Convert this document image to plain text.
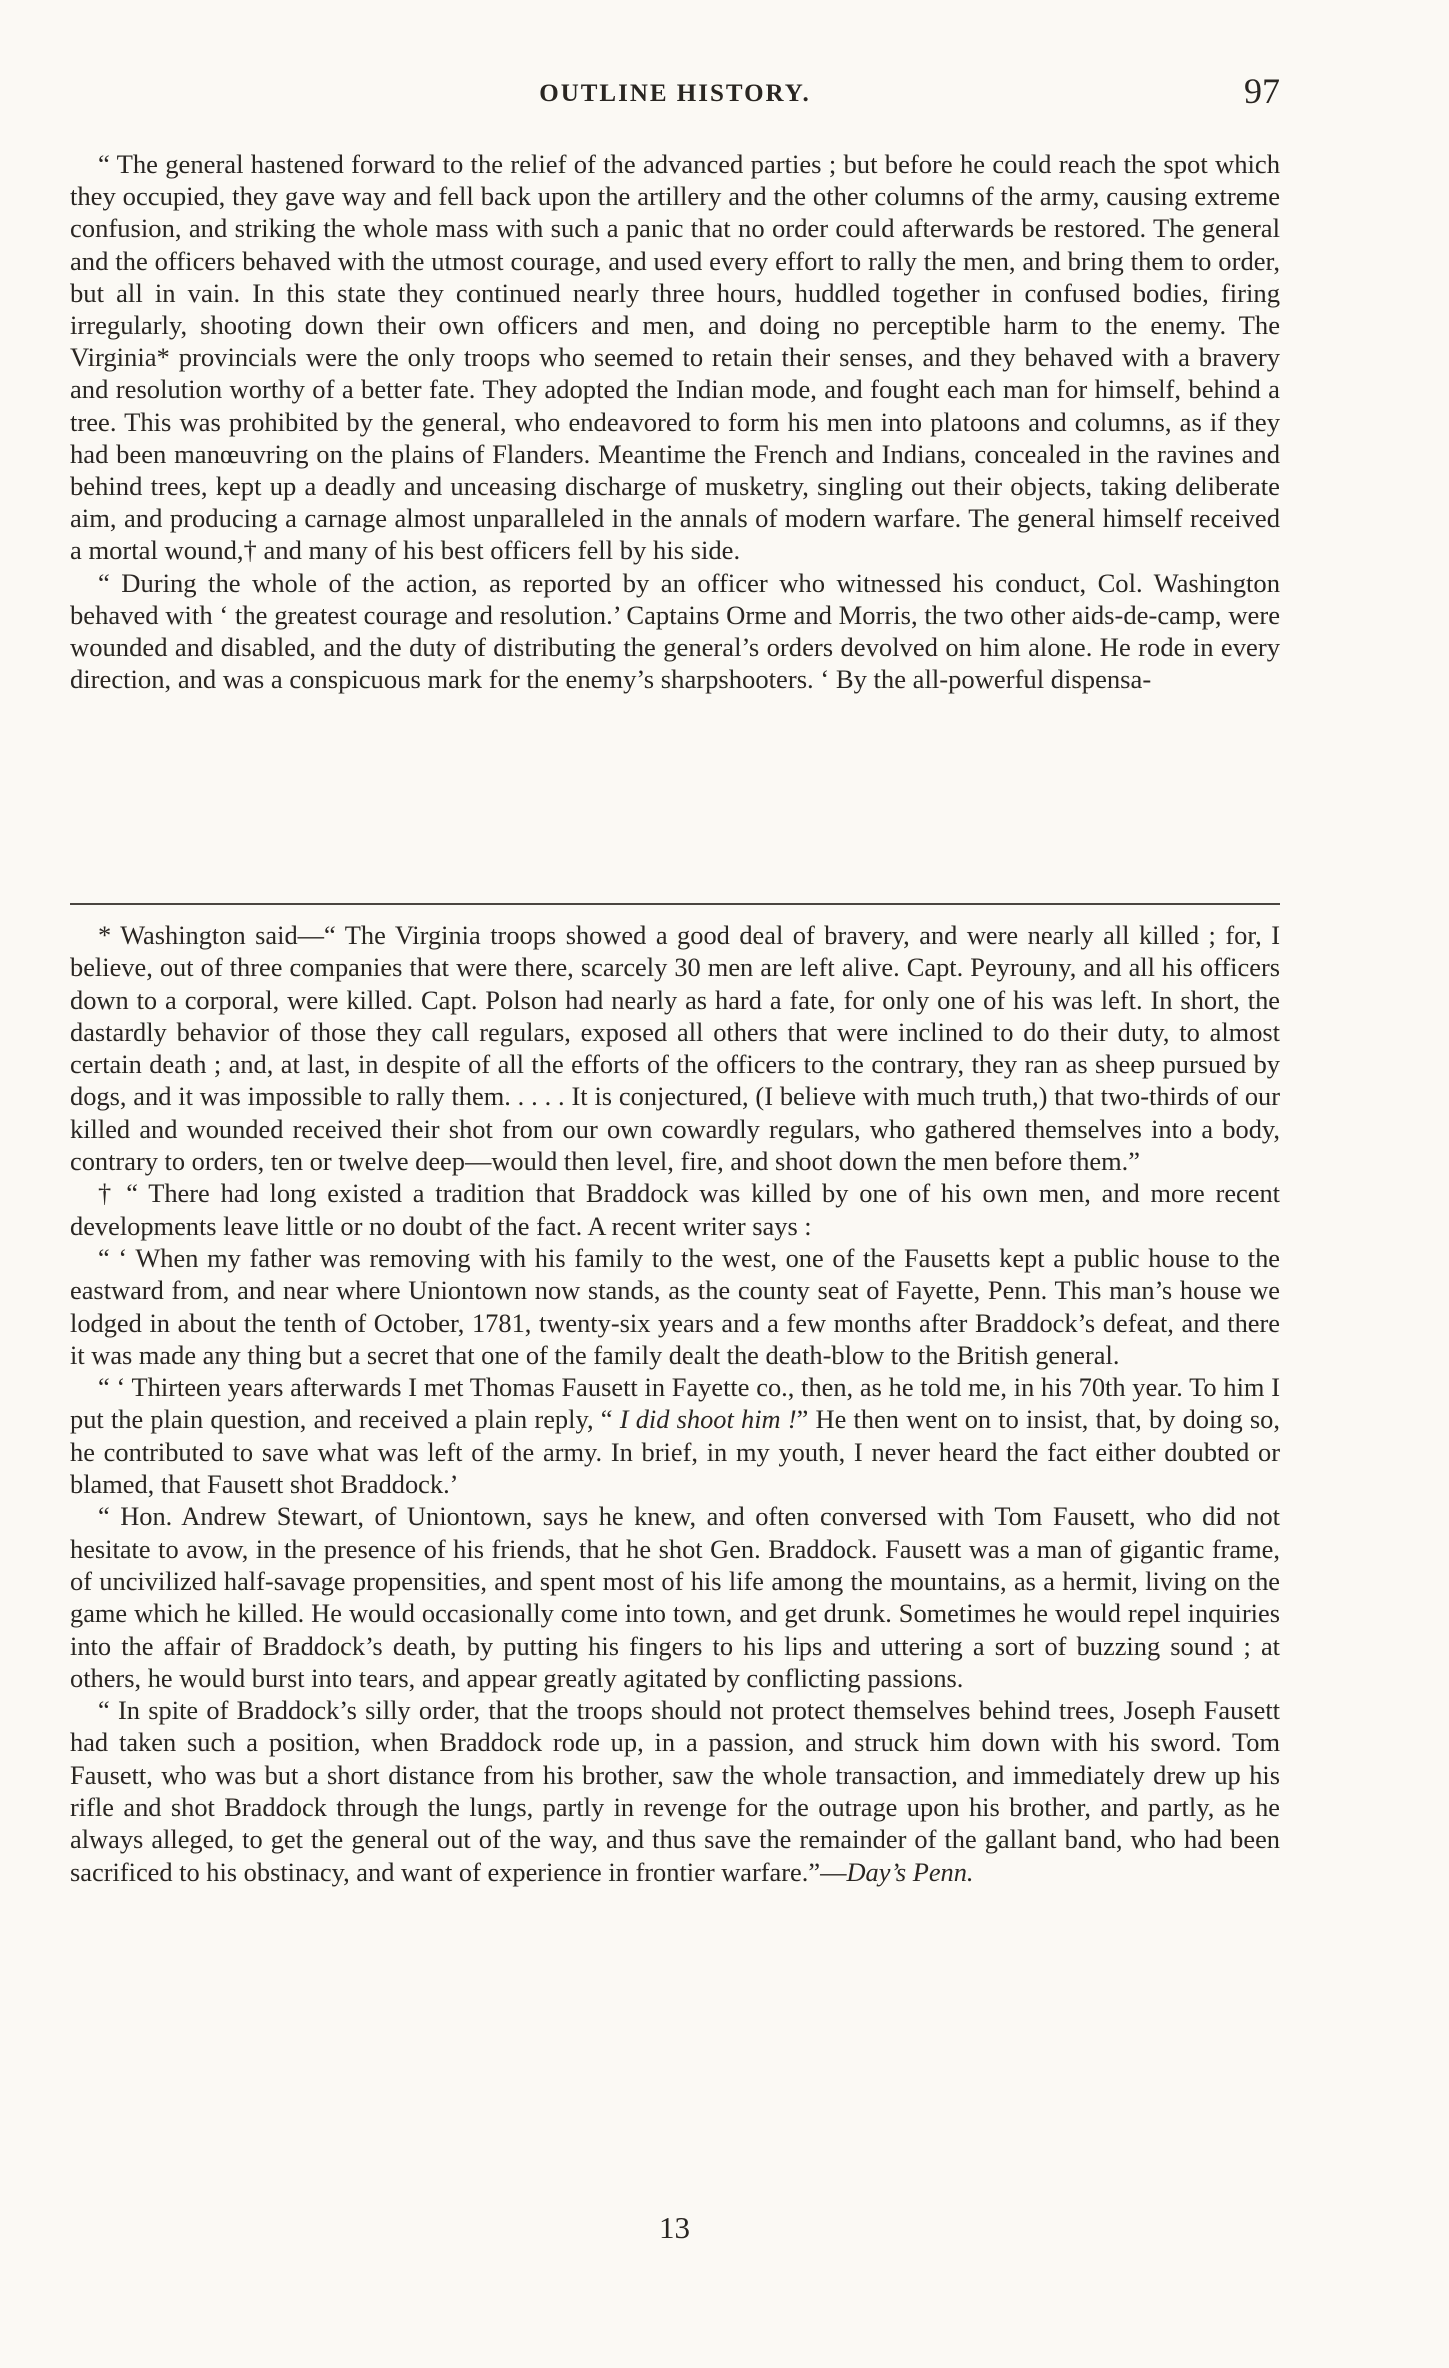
OUTLINE HISTORY.	97

“ The general hastened forward to the relief of the advanced parties ; but before he could reach the spot which they occupied, they gave way and fell back upon the artillery and the other columns of the army, causing extreme confusion, and striking the whole mass with such a panic that no order could afterwards be restored. The general and the officers behaved with the utmost courage, and used every effort to rally the men, and bring them to order, but all in vain. In this state they continued nearly three hours, huddled together in confused bodies, firing irregularly, shooting down their own officers and men, and doing no perceptible harm to the enemy. The Virginia* provincials were the only troops who seemed to retain their senses, and they behaved with a bravery and resolution worthy of a better fate. They adopted the Indian mode, and fought each man for himself, behind a tree. This was prohibited by the general, who endeavored to form his men into platoons and columns, as if they had been manœuvring on the plains of Flanders. Meantime the French and Indians, concealed in the ravines and behind trees, kept up a deadly and unceasing discharge of musketry, singling out their objects, taking deliberate aim, and producing a carnage almost unparalleled in the annals of modern warfare. The general himself received a mortal wound,† and many of his best officers fell by his side.

“ During the whole of the action, as reported by an officer who witnessed his conduct, Col. Washington behaved with ‘ the greatest courage and resolution.’ Captains Orme and Morris, the two other aids-de-camp, were wounded and disabled, and the duty of distributing the general’s orders devolved on him alone. He rode in every direction, and was a conspicuous mark for the enemy’s sharpshooters. ‘ By the all-powerful dispensa-

* Washington said—“ The Virginia troops showed a good deal of bravery, and were nearly all killed ; for, I believe, out of three companies that were there, scarcely 30 men are left alive. Capt. Peyrouny, and all his officers down to a corporal, were killed. Capt. Polson had nearly as hard a fate, for only one of his was left. In short, the dastardly behavior of those they call regulars, exposed all others that were inclined to do their duty, to almost certain death ; and, at last, in despite of all the efforts of the officers to the contrary, they ran as sheep pursued by dogs, and it was impossible to rally them. . . . . It is conjectured, (I believe with much truth,) that two-thirds of our killed and wounded received their shot from our own cowardly regulars, who gathered themselves into a body, contrary to orders, ten or twelve deep—would then level, fire, and shoot down the men before them.”

† “ There had long existed a tradition that Braddock was killed by one of his own men, and more recent developments leave little or no doubt of the fact. A recent writer says :

“ ‘ When my father was removing with his family to the west, one of the Fausetts kept a public house to the eastward from, and near where Uniontown now stands, as the county seat of Fayette, Penn. This man’s house we lodged in about the tenth of October, 1781, twenty-six years and a few months after Braddock’s defeat, and there it was made any thing but a secret that one of the family dealt the death-blow to the British general.

“ ‘ Thirteen years afterwards I met Thomas Fausett in Fayette co., then, as he told me, in his 70th year. To him I put the plain question, and received a plain reply, “ I did shoot him !” He then went on to insist, that, by doing so, he contributed to save what was left of the army. In brief, in my youth, I never heard the fact either doubted or blamed, that Fausett shot Braddock.’

“ Hon. Andrew Stewart, of Uniontown, says he knew, and often conversed with Tom Fausett, who did not hesitate to avow, in the presence of his friends, that he shot Gen. Braddock. Fausett was a man of gigantic frame, of uncivilized half-savage propensities, and spent most of his life among the mountains, as a hermit, living on the game which he killed. He would occasionally come into town, and get drunk. Sometimes he would repel inquiries into the affair of Braddock’s death, by putting his fingers to his lips and uttering a sort of buzzing sound ; at others, he would burst into tears, and appear greatly agitated by conflicting passions.

“ In spite of Braddock’s silly order, that the troops should not protect themselves behind trees, Joseph Fausett had taken such a position, when Braddock rode up, in a passion, and struck him down with his sword. Tom Fausett, who was but a short distance from his brother, saw the whole transaction, and immediately drew up his rifle and shot Braddock through the lungs, partly in revenge for the outrage upon his brother, and partly, as he always alleged, to get the general out of the way, and thus save the remainder of the gallant band, who had been sacrificed to his obstinacy, and want of experience in frontier warfare.”—Day’s Penn.

13
